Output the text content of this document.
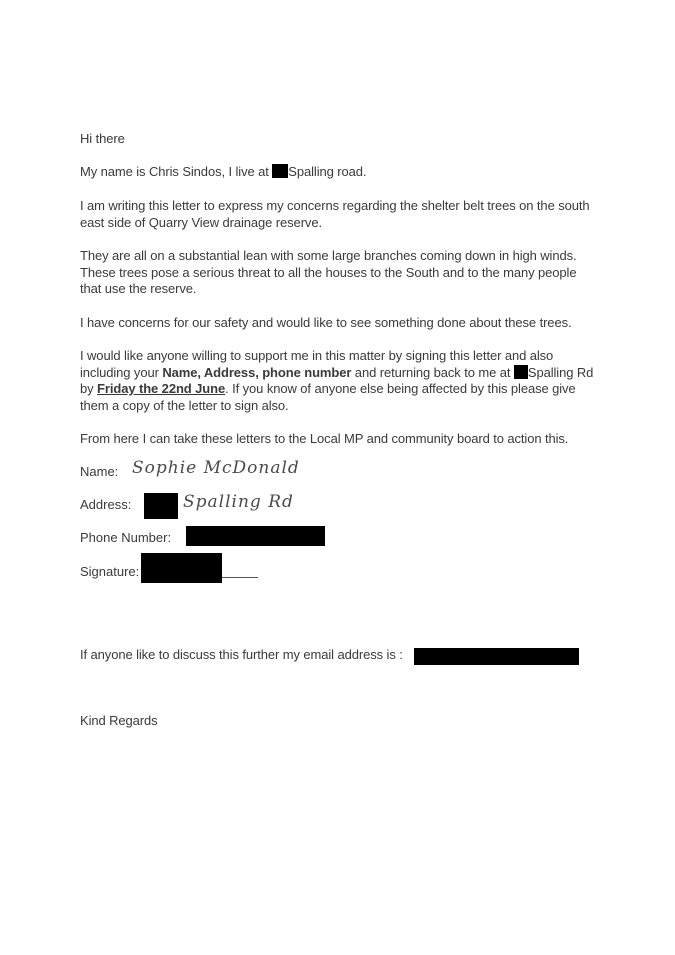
Hi there

My name is Chris Sindos, I live at Spalling road.

I am writing this letter to express my concerns regarding the shelter belt trees on the south east side of Quarry View drainage reserve.

They are all on a substantial lean with some large branches coming down in high winds. These trees pose a serious threat to all the houses to the South and to the many people that use the reserve.

I have concerns for our safety and would like to see something done about these trees.

I would like anyone willing to support me in this matter by signing this letter and also including your Name, Address, phone number and returning back to me at Spalling Rd by Friday the 22nd June. If you know of anyone else being affected by this please give them a copy of the letter to sign also.

From here I can take these letters to the Local MP and community board to action this.

Name: Sophie McDonald
Address:	Spalling Rd
Phone Number:
Signature:

If anyone like to discuss this further my email address is :

Kind Regards
